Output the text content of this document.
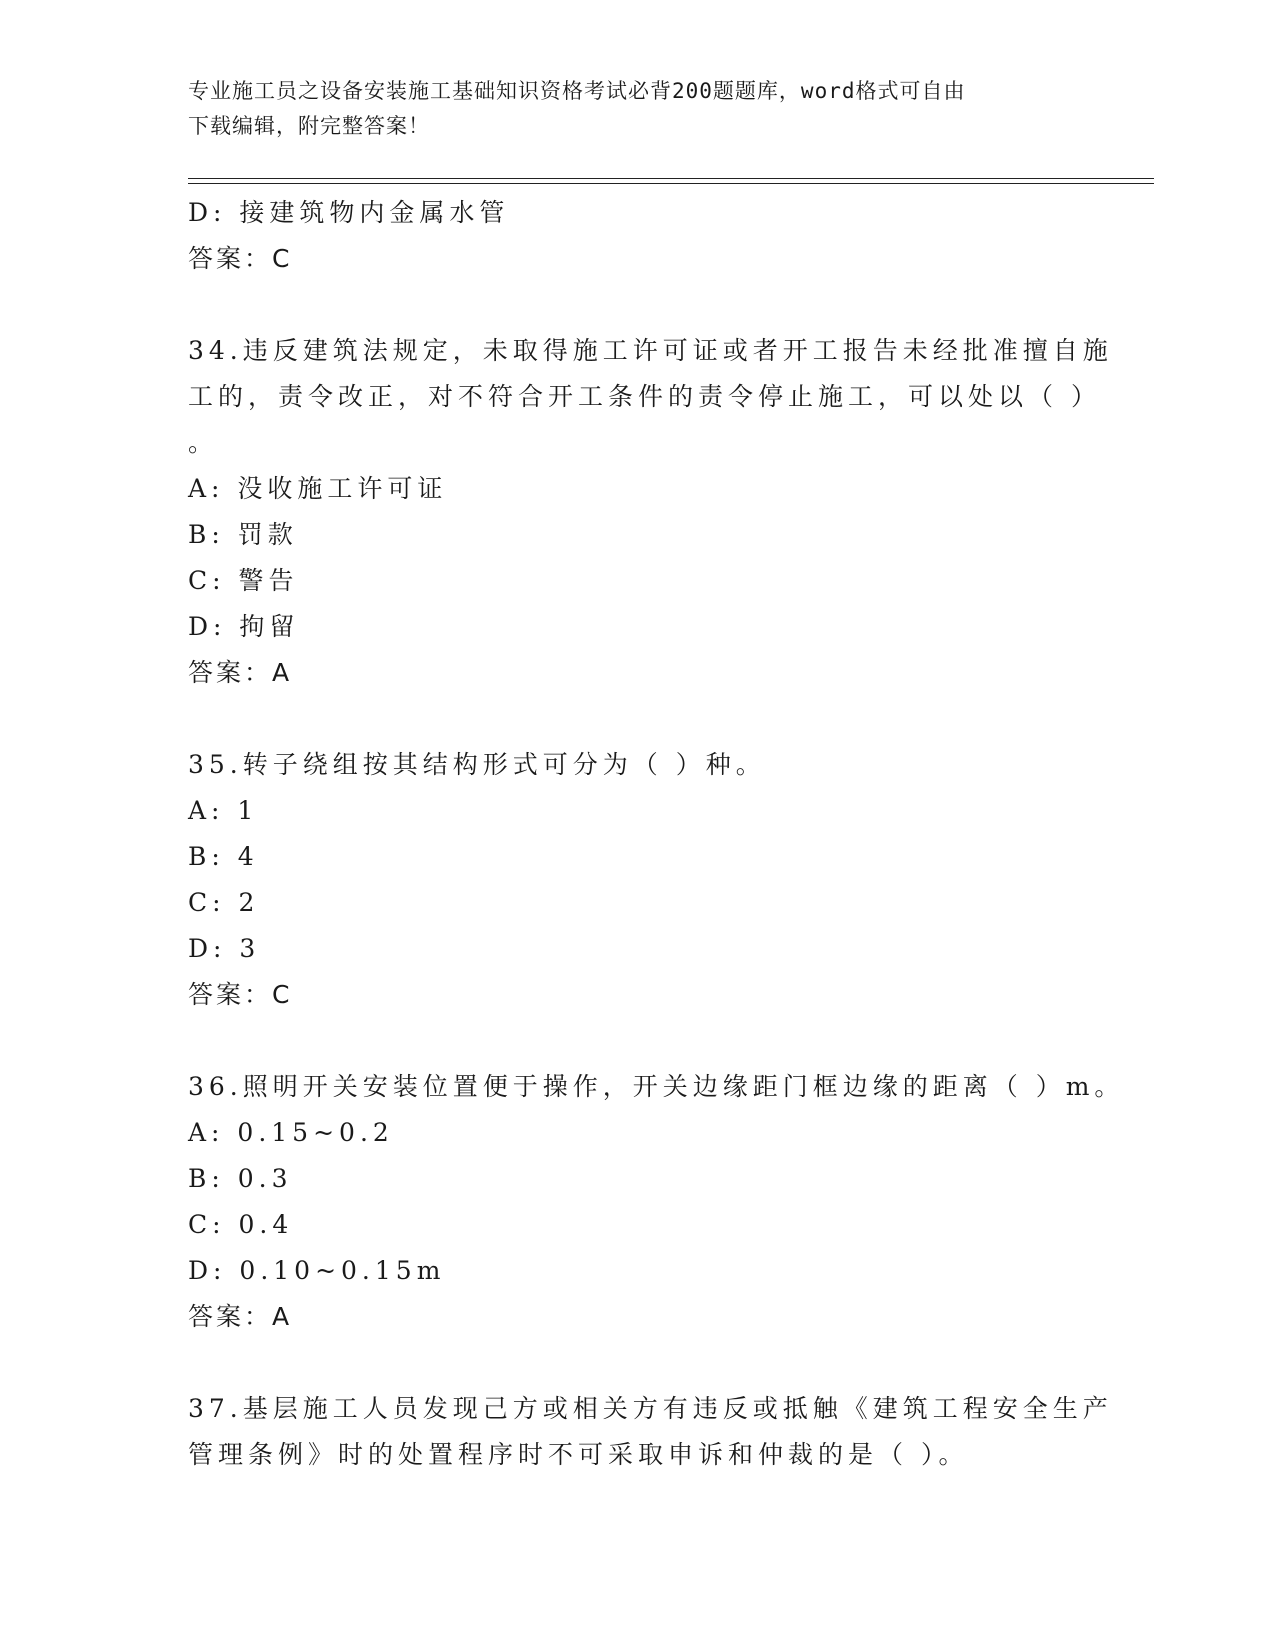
专业施工员之设备安装施工基础知识资格考试必背200题题库，word格式可自由
下载编辑，附完整答案！
D: 接建筑物内金属水管
答案：C
34.违反建筑法规定，未取得施工许可证或者开工报告未经批准擅自施
工的，责令改正，对不符合开工条件的责令停止施工，可以处以（ ）
。
A: 没收施工许可证
B: 罚款
C: 警告
D: 拘留
答案：A
35.转子绕组按其结构形式可分为（ ）种。
A: 1
B: 4
C: 2
D: 3
答案：C
36.照明开关安装位置便于操作，开关边缘距门框边缘的距离（ ）m。
A: 0.15~0.2
B: 0.3
C: 0.4
D: 0.10~0.15m
答案：A
37.基层施工人员发现己方或相关方有违反或抵触《建筑工程安全生产
管理条例》时的处置程序时不可采取申诉和仲裁的是（ ）。
